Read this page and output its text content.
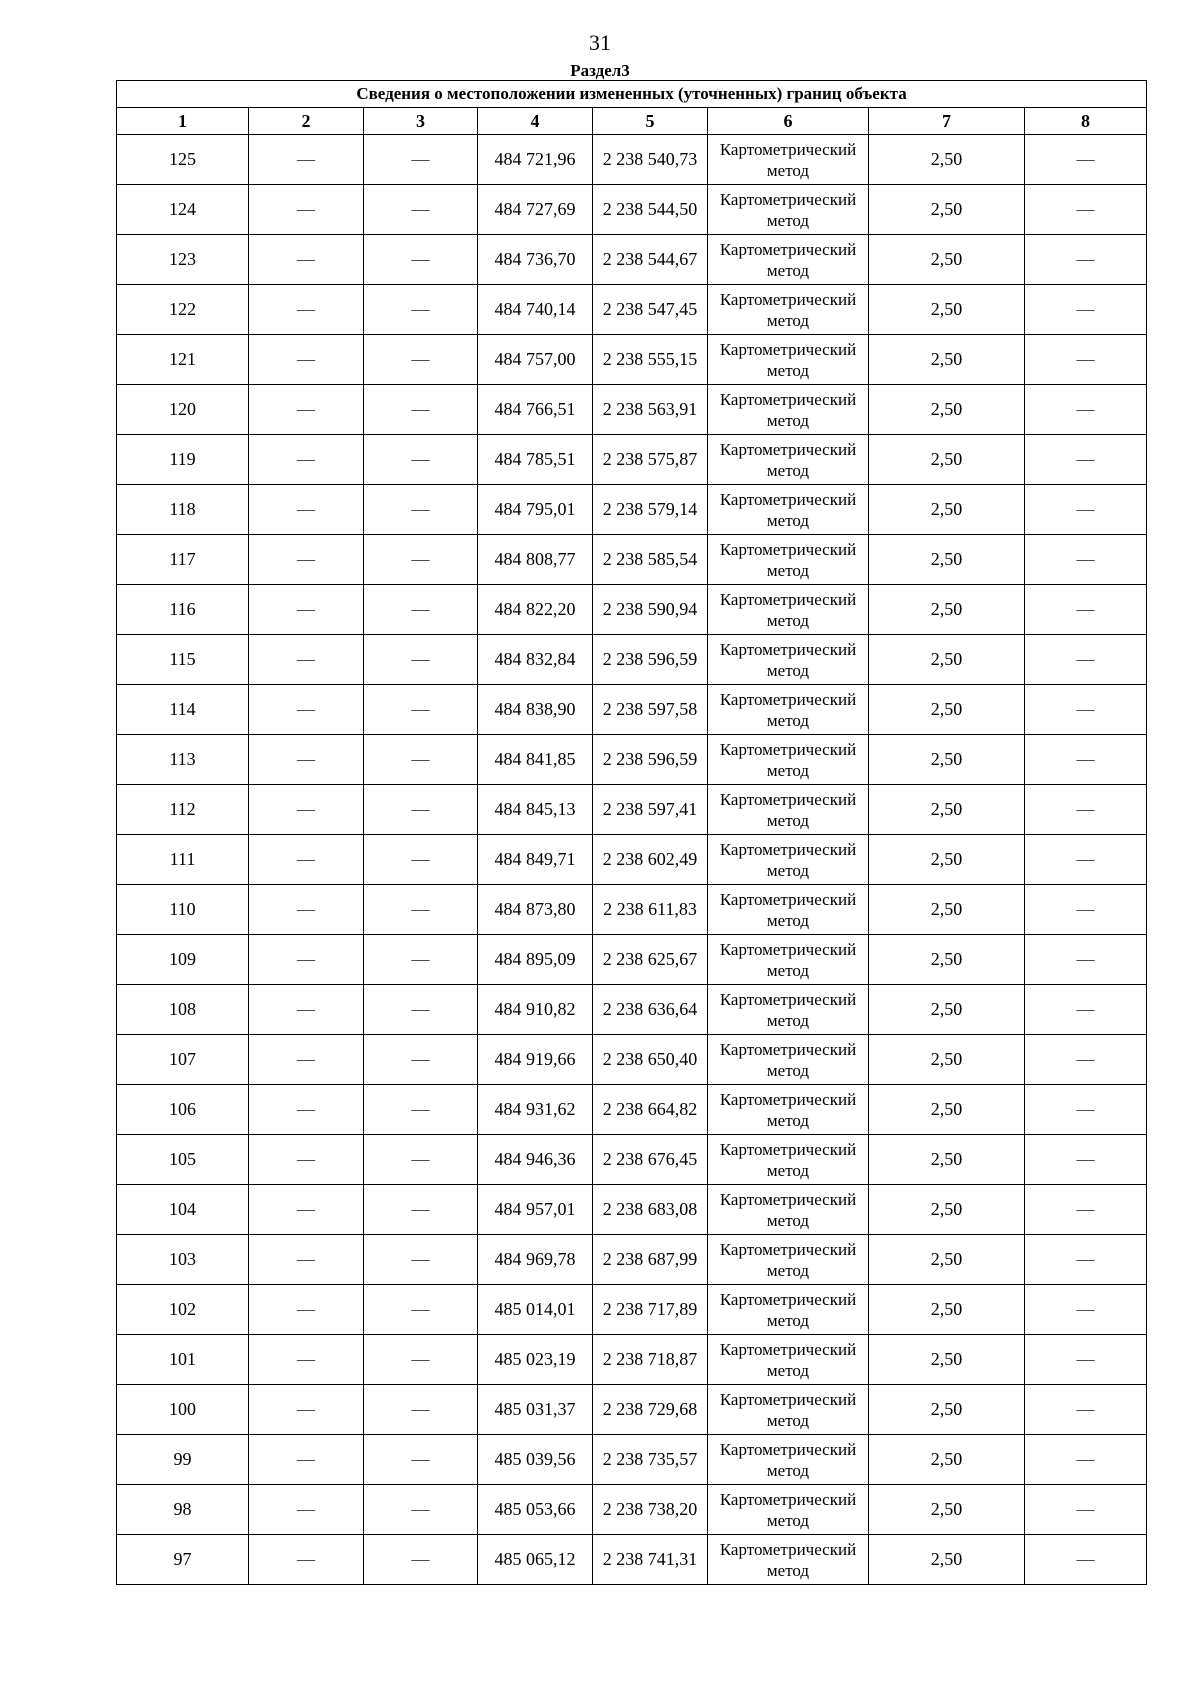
31
Раздел3
Сведения о местоположении измененных (уточненных) границ объекта							
1	2	3	4	5	6	7	8
125	—	—	484 721,96	2 238 540,73	Картометрический метод	2,50	—
124	—	—	484 727,69	2 238 544,50	Картометрический метод	2,50	—
123	—	—	484 736,70	2 238 544,67	Картометрический метод	2,50	—
122	—	—	484 740,14	2 238 547,45	Картометрический метод	2,50	—
121	—	—	484 757,00	2 238 555,15	Картометрический метод	2,50	—
120	—	—	484 766,51	2 238 563,91	Картометрический метод	2,50	—
119	—	—	484 785,51	2 238 575,87	Картометрический метод	2,50	—
118	—	—	484 795,01	2 238 579,14	Картометрический метод	2,50	—
117	—	—	484 808,77	2 238 585,54	Картометрический метод	2,50	—
116	—	—	484 822,20	2 238 590,94	Картометрический метод	2,50	—
115	—	—	484 832,84	2 238 596,59	Картометрический метод	2,50	—
114	—	—	484 838,90	2 238 597,58	Картометрический метод	2,50	—
113	—	—	484 841,85	2 238 596,59	Картометрический метод	2,50	—
112	—	—	484 845,13	2 238 597,41	Картометрический метод	2,50	—
111	—	—	484 849,71	2 238 602,49	Картометрический метод	2,50	—
110	—	—	484 873,80	2 238 611,83	Картометрический метод	2,50	—
109	—	—	484 895,09	2 238 625,67	Картометрический метод	2,50	—
108	—	—	484 910,82	2 238 636,64	Картометрический метод	2,50	—
107	—	—	484 919,66	2 238 650,40	Картометрический метод	2,50	—
106	—	—	484 931,62	2 238 664,82	Картометрический метод	2,50	—
105	—	—	484 946,36	2 238 676,45	Картометрический метод	2,50	—
104	—	—	484 957,01	2 238 683,08	Картометрический метод	2,50	—
103	—	—	484 969,78	2 238 687,99	Картометрический метод	2,50	—
102	—	—	485 014,01	2 238 717,89	Картометрический метод	2,50	—
101	—	—	485 023,19	2 238 718,87	Картометрический метод	2,50	—
100	—	—	485 031,37	2 238 729,68	Картометрический метод	2,50	—
99	—	—	485 039,56	2 238 735,57	Картометрический метод	2,50	—
98	—	—	485 053,66	2 238 738,20	Картометрический метод	2,50	—
97	—	—	485 065,12	2 238 741,31	Картометрический метод	2,50	—
